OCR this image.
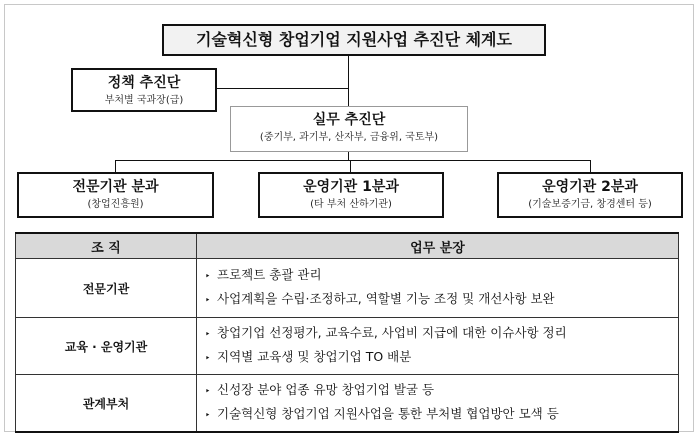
기술혁신형 창업기업 지원사업 추진단 체계도
정책 추진단
부처별 국과장(급)
실무 추진단
(중기부, 과기부, 산자부, 금융위, 국토부)
전문기관 분과
(창업진흥원)
운영기관 1분과
(타 부처 산하기관)
운영기관 2분과
(기술보증기금, 창경센터 등)
조 직	업무 분장
전문기관	‣ 프로젝트 총괄 관리
‣ 사업계획을 수립·조정하고, 역할별 기능 조정 및 개선사항 보완

교육 · 운영기관	‣ 창업기업 선정평가, 교육수료, 사업비 지급에 대한 이슈사항 정리
‣ 지역별 교육생 및 창업기업 TO 배분

관계부처	‣ 신성장 분야 업종 유망 창업기업 발굴 등
‣ 기술혁신형 창업기업 지원사업을 통한 부처별 협업방안 모색 등
